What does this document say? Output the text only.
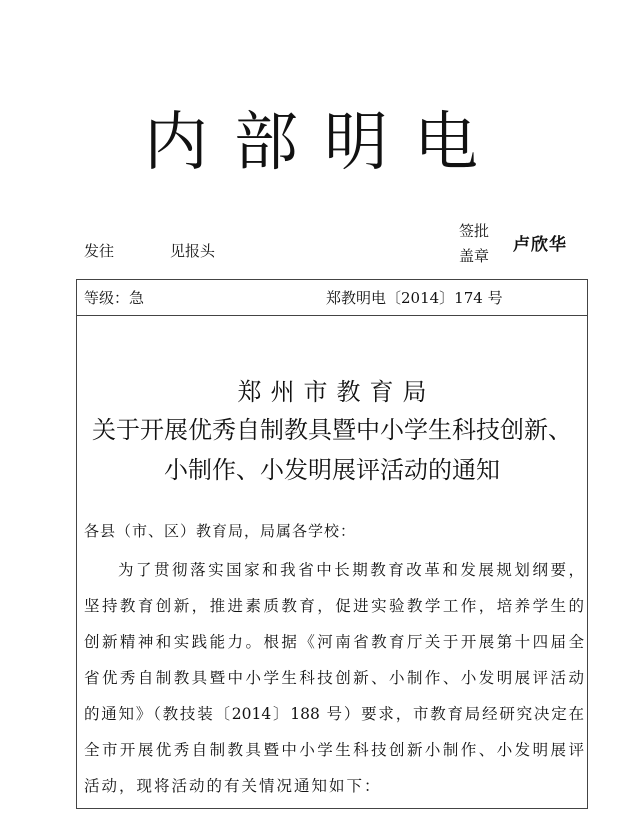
内部明电
发往	见报头
签批
盖章
卢欣华
等级：急	郑教明电〔2014〕174 号
郑州市教育局
关于开展优秀自制教具暨中小学生科技创新、
小制作、小发明展评活动的通知
各县（市、区）教育局，局属各学校：
为了贯彻落实国家和我省中长期教育改革和发展规划纲要，
坚持教育创新，推进素质教育，促进实验教学工作，培养学生的
创新精神和实践能力。根据《河南省教育厅关于开展第十四届全
省优秀自制教具暨中小学生科技创新、小制作、小发明展评活动
的通知》（教技装〔2014〕188 号）要求，市教育局经研究决定在
全市开展优秀自制教具暨中小学生科技创新小制作、小发明展评
活动，现将活动的有关情况通知如下：
